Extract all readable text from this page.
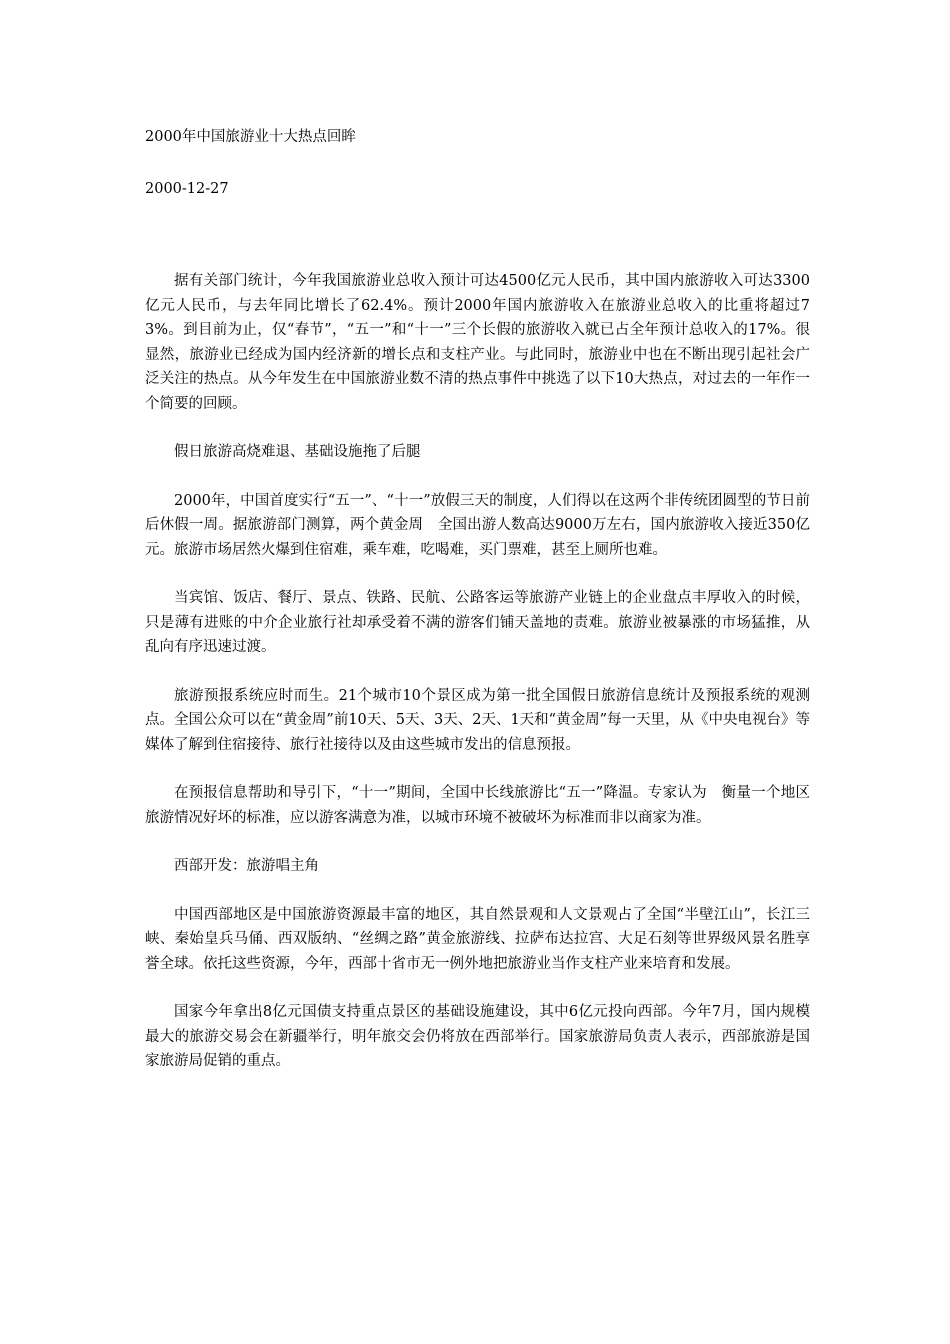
2000年中国旅游业十大热点回眸
2000-12-27

据有关部门统计，今年我国旅游业总收入预计可达4500亿元人民币，其中国内旅游收入可达3300亿元人民币，与去年同比增长了62.4%。预计2000年国内旅游收入在旅游业总收入的比重将超过73%。到目前为止，仅“春节”，“五一”和“十一”三个长假的旅游收入就已占全年预计总收入的17%。很显然，旅游业已经成为国内经济新的增长点和支柱产业。与此同时，旅游业中也在不断出现引起社会广泛关注的热点。从今年发生在中国旅游业数不清的热点事件中挑选了以下10大热点，对过去的一年作一个简要的回顾。

假日旅游高烧难退、基础设施拖了后腿

2000年，中国首度实行“五一”、“十一”放假三天的制度，人们得以在这两个非传统团圆型的节日前后休假一周。据旅游部门测算，两个黄金周　全国出游人数高达9000万左右，国内旅游收入接近350亿元。旅游市场居然火爆到住宿难，乘车难，吃喝难，买门票难，甚至上厕所也难。

当宾馆、饭店、餐厅、景点、铁路、民航、公路客运等旅游产业链上的企业盘点丰厚收入的时候，只是薄有进账的中介企业旅行社却承受着不满的游客们铺天盖地的责难。旅游业被暴涨的市场猛推，从乱向有序迅速过渡。

旅游预报系统应时而生。21个城市10个景区成为第一批全国假日旅游信息统计及预报系统的观测点。全国公众可以在“黄金周”前10天、5天、3天、2天、1天和“黄金周”每一天里，从《中央电视台》等媒体了解到住宿接待、旅行社接待以及由这些城市发出的信息预报。

在预报信息帮助和导引下，“十一”期间，全国中长线旅游比“五一”降温。专家认为　衡量一个地区旅游情况好坏的标准，应以游客满意为准，以城市环境不被破坏为标准而非以商家为准。

西部开发：旅游唱主角

中国西部地区是中国旅游资源最丰富的地区，其自然景观和人文景观占了全国“半壁江山”，长江三峡、秦始皇兵马俑、西双版纳、“丝绸之路”黄金旅游线、拉萨布达拉宫、大足石刻等世界级风景名胜享誉全球。依托这些资源，今年，西部十省市无一例外地把旅游业当作支柱产业来培育和发展。

国家今年拿出8亿元国债支持重点景区的基础设施建设，其中6亿元投向西部。今年7月，国内规模最大的旅游交易会在新疆举行，明年旅交会仍将放在西部举行。国家旅游局负责人表示，西部旅游是国家旅游局促销的重点。
